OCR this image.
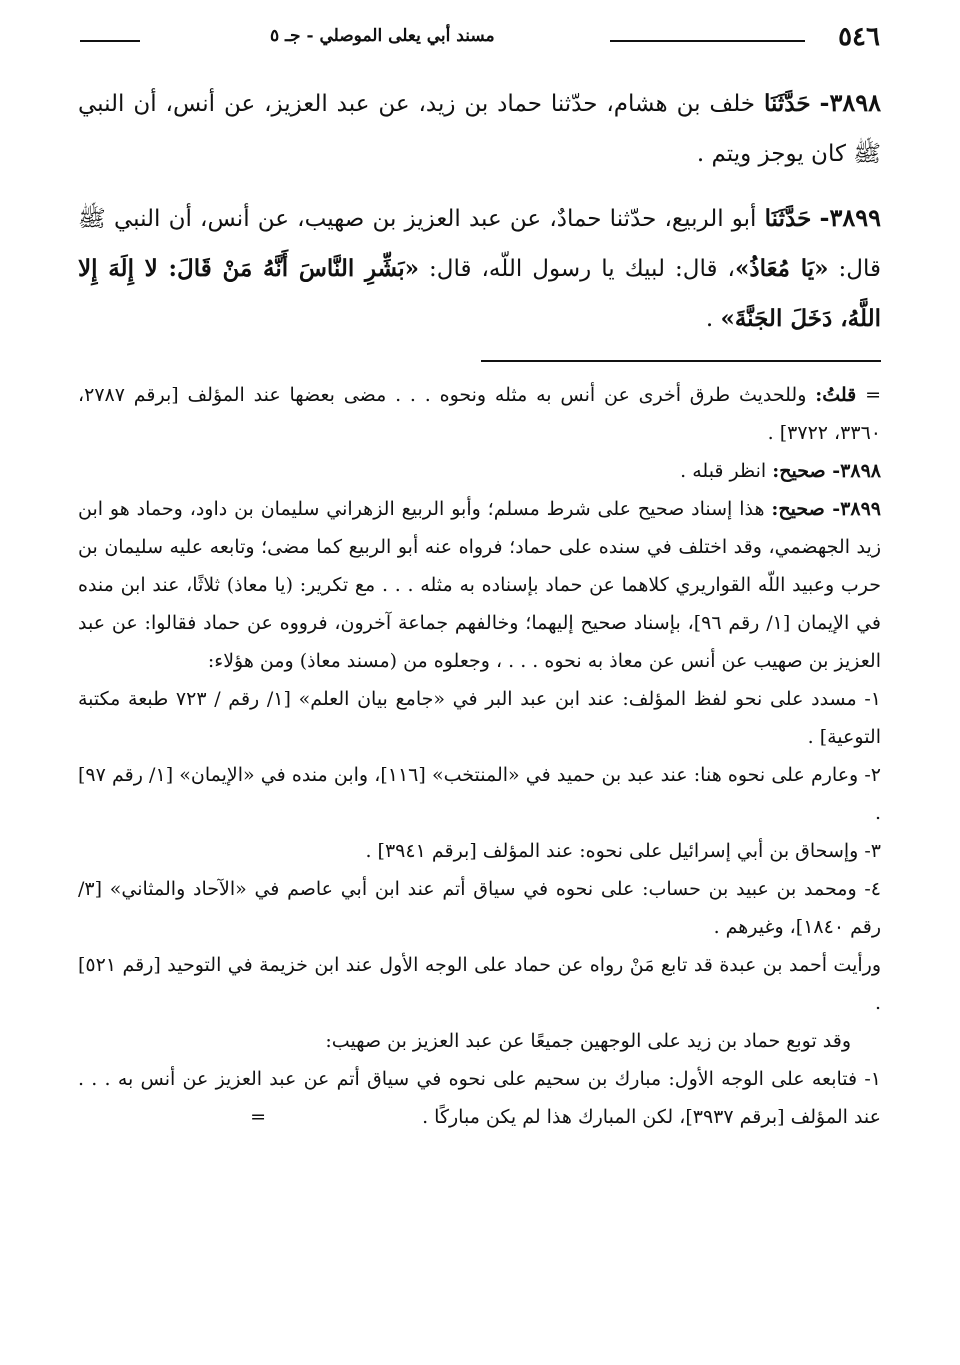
٥٤٦
مسند أبي يعلى الموصلي - جـ ٥

٣٨٩٨- حَدَّثَنَا خلف بن هشام، حدّثنا حماد بن زيد، عن عبد العزيز، عن أنس، أن النبي ﷺ كان يوجز ويتم .

٣٨٩٩- حَدَّثَنَا أبو الربيع، حدّثنا حمادٌ، عن عبد العزيز بن صهيب، عن أنس، أن النبي ﷺ قال: «يَا مُعَاذُ»، قال: لبيك يا رسول اللّه، قال: «بَشِّرِ النَّاسَ أَنَّهُ مَنْ قَالَ: لا إِلَهَ إِلا اللَّهُ، دَخَلَ الجَنَّةَ» .

= قلتُ: وللحديث طرق أخرى عن أنس به مثله ونحوه . . . مضى بعضها عند المؤلف [برقم ٢٧٨٧، ٣٣٦٠، ٣٧٢٢] .

٣٨٩٨- صحيح: انظر قبله .

٣٨٩٩- صحيح: هذا إسناد صحيح على شرط مسلم؛ وأبو الربيع الزهراني سليمان بن داود، وحماد هو ابن زيد الجهضمي، وقد اختلف في سنده على حماد؛ فرواه عنه أبو الربيع كما مضى؛ وتابعه عليه سليمان بن حرب وعبيد اللّه القواريري كلاهما عن حماد بإسناده به مثله . . . مع تكرير: (يا معاذ) ثلاثًا، عند ابن منده في الإيمان [١/ رقم ٩٦]، بإسناد صحيح إليهما؛ وخالفهم جماعة آخرون، فرووه عن حماد فقالوا: عن عبد العزيز بن صهيب عن أنس عن معاذ به نحوه . . . ، وجعلوه من (مسند معاذ) ومن هؤلاء:

١- مسدد على نحو لفظ المؤلف: عند ابن عبد البر في «جامع بيان العلم» [١/ رقم / ٧٢٣ طبعة مكتبة التوعية] .

٢- وعارم على نحوه هنا: عند عبد بن حميد في «المنتخب» [١١٦]، وابن منده في «الإيمان» [١/ رقم ٩٧] .

٣- وإسحاق بن أبي إسرائيل على نحوه: عند المؤلف [برقم ٣٩٤١] .

٤- ومحمد بن عبيد بن حساب: على نحوه في سياق أتم عند ابن أبي عاصم في «الآحاد والمثاني» [٣/ رقم ١٨٤٠]، وغيرهم .

ورأيت أحمد بن عبدة قد تابع مَنْ رواه عن حماد على الوجه الأول عند ابن خزيمة في التوحيد [رقم ٥٢١] .

وقد توبع حماد بن زيد على الوجهين جميعًا عن عبد العزيز بن صهيب:

١- فتابعه على الوجه الأول: مبارك بن سحيم على نحوه في سياق أتم عن عبد العزيز عن أنس به . . . عند المؤلف [برقم ٣٩٣٧]، لكن المبارك هذا لم يكن مباركًا . =
